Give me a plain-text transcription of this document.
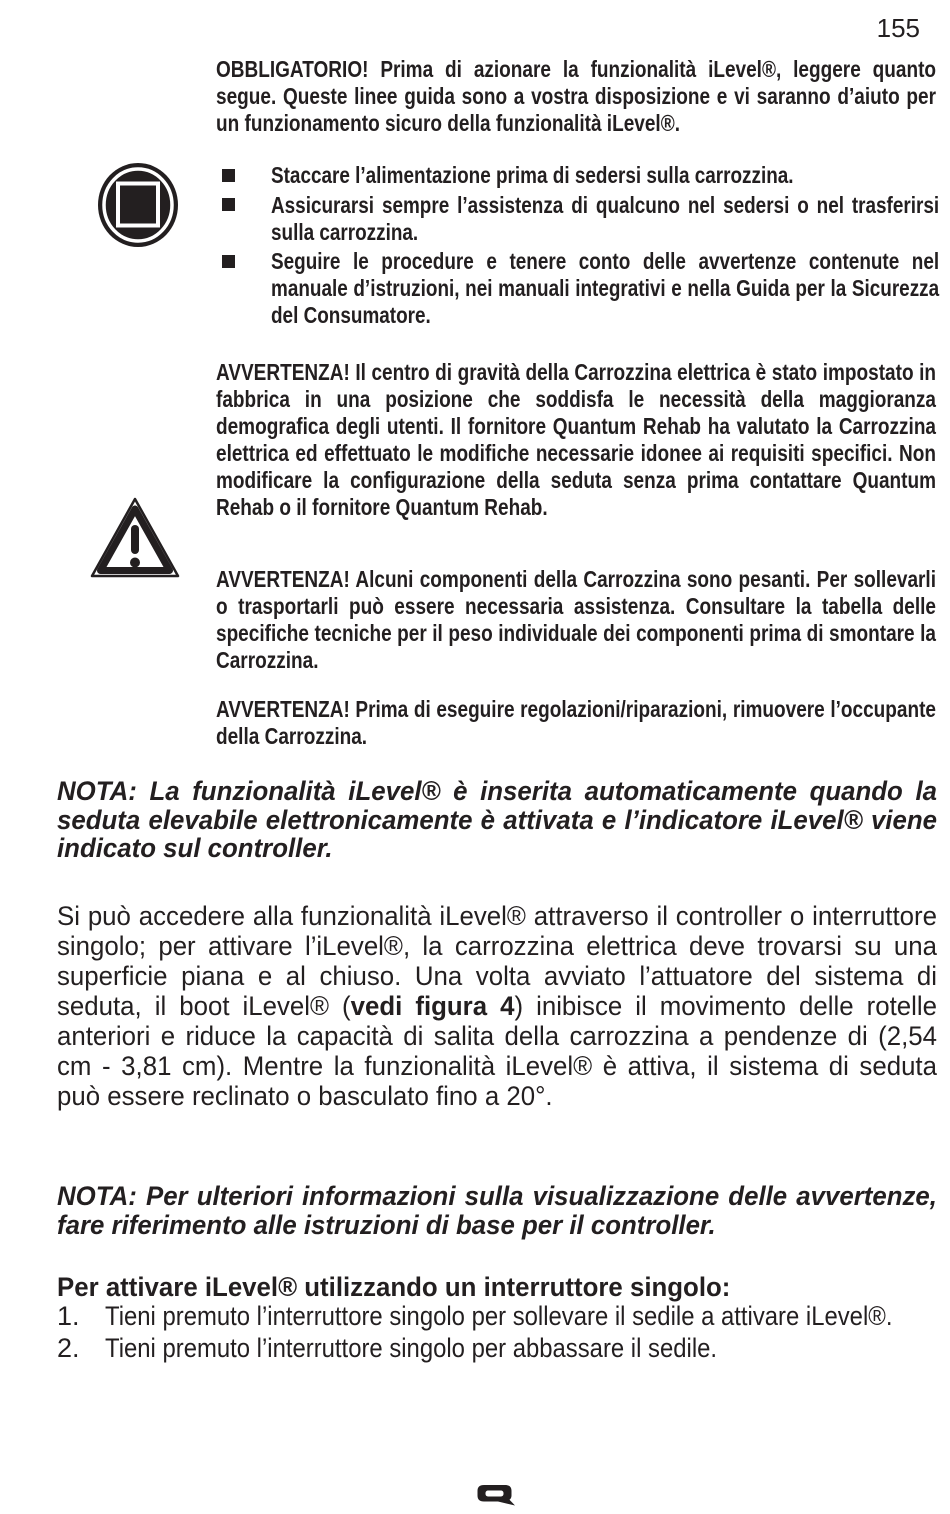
155
OBBLIGATORIO! Prima di azionare la funzionalità iLevel®, leggere quanto segue. Queste linee guida sono a vostra disposizione e vi saranno d’aiuto per un funzionamento sicuro della funzionalità iLevel®.
Staccare l’alimentazione prima di sedersi sulla carrozzina.
Assicurarsi sempre l’assistenza di qualcuno nel sedersi o nel trasferirsi sulla carrozzina.
Seguire le procedure e tenere conto delle avvertenze contenute nel manuale d’istruzioni, nei manuali integrativi e nella Guida per la Sicurezza del Consumatore.
AVVERTENZA! Il centro di gravità della Carrozzina elettrica è stato impostato in fabbrica in una posizione che soddisfa le necessità della maggioranza demografica degli utenti. Il fornitore Quantum Rehab ha valutato la Carrozzina elettrica ed effettuato le modifiche necessarie idonee ai requisiti specifici. Non modificare la configurazione della seduta senza prima contattare Quantum Rehab o il fornitore Quantum Rehab.
AVVERTENZA! Alcuni componenti della Carrozzina sono pesanti. Per sollevarli o trasportarli può essere necessaria assistenza. Consultare la tabella delle specifiche tecniche per il peso individuale dei componenti prima di smontare la Carrozzina.
AVVERTENZA! Prima di eseguire regolazioni/riparazioni, rimuovere l’occupante della Carrozzina.
NOTA: La funzionalità iLevel® è inserita automaticamente quando la seduta elevabile elettronicamente è attivata e l’indicatore iLevel® viene indicato sul controller.
Si può accedere alla funzionalità iLevel® attraverso il controller o interruttore singolo; per attivare l’iLevel®, la carrozzina elettrica deve trovarsi su una superficie piana e al chiuso. Una volta avviato l’attuatore del sistema di seduta, il boot iLevel® (vedi figura 4) inibisce il movimento delle rotelle anteriori e riduce la capacità di salita della carrozzina a pendenze di (2,54 cm - 3,81 cm). Mentre la funzionalità iLevel® è attiva, il sistema di seduta può essere reclinato o basculato fino a 20°.
NOTA: Per ulteriori informazioni sulla visualizzazione delle avvertenze, fare riferimento alle istruzioni di base per il controller.
Per attivare iLevel® utilizzando un interruttore singolo:
1. Tieni premuto l’interruttore singolo per sollevare il sedile a attivare iLevel®.
2. Tieni premuto l’interruttore singolo per abbassare il sedile.
